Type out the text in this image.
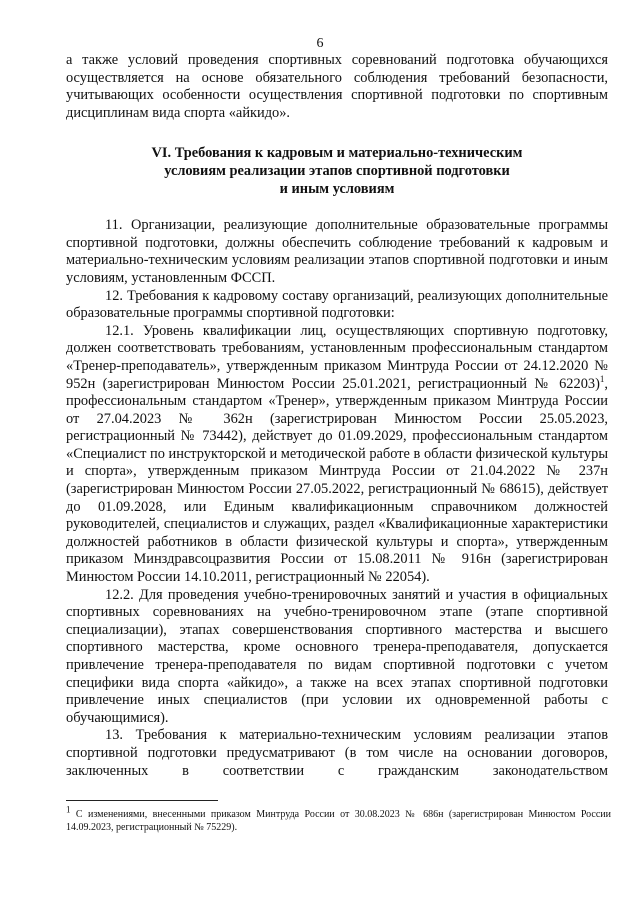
6

а также условий проведения спортивных соревнований подготовка обучающихся осуществляется на основе обязательного соблюдения требований безопасности, учитывающих особенности осуществления спортивной подготовки по спортивным дисциплинам вида спорта «айкидо».

VI. Требования к кадровым и материально-техническим
условиям реализации этапов спортивной подготовки
и иным условиям

11. Организации, реализующие дополнительные образовательные программы спортивной подготовки, должны обеспечить соблюдение требований к кадровым и материально-техническим условиям реализации этапов спортивной подготовки и иным условиям, установленным ФССП.

12. Требования к кадровому составу организаций, реализующих дополнительные образовательные программы спортивной подготовки:

12.1. Уровень квалификации лиц, осуществляющих спортивную подготовку, должен соответствовать требованиям, установленным профессиональным стандартом «Тренер-преподаватель», утвержденным приказом Минтруда России от 24.12.2020 № 952н (зарегистрирован Минюстом России 25.01.2021, регистрационный № 62203)$^1$, профессиональным стандартом «Тренер», утвержденным приказом Минтруда России от 27.04.2023 № 362н (зарегистрирован Минюстом России 25.05.2023, регистрационный № 73442), действует до 01.09.2029, профессиональным стандартом «Специалист по инструкторской и методической работе в области физической культуры и спорта», утвержденным приказом Минтруда России от 21.04.2022 № 237н (зарегистрирован Минюстом России 27.05.2022, регистрационный № 68615), действует до 01.09.2028, или Единым квалификационным справочником должностей руководителей, специалистов и служащих, раздел «Квалификационные характеристики должностей работников в области физической культуры и спорта», утвержденным приказом Минздравсоцразвития России от 15.08.2011 № 916н (зарегистрирован Минюстом России 14.10.2011, регистрационный № 22054).

12.2. Для проведения учебно-тренировочных занятий и участия в официальных спортивных соревнованиях на учебно-тренировочном этапе (этапе спортивной специализации), этапах совершенствования спортивного мастерства и высшего спортивного мастерства, кроме основного тренера-преподавателя, допускается привлечение тренера-преподавателя по видам спортивной подготовки с учетом специфики вида спорта «айкидо», а также на всех этапах спортивной подготовки привлечение иных специалистов (при условии их одновременной работы с обучающимися).

13. Требования к материально-техническим условиям реализации этапов спортивной подготовки предусматривают (в том числе на основании договоров, заключенных в соответствии с гражданским законодательством

$^1$ С изменениями, внесенными приказом Минтруда России от 30.08.2023 № 686н (зарегистрирован Минюстом России 14.09.2023, регистрационный № 75229).
